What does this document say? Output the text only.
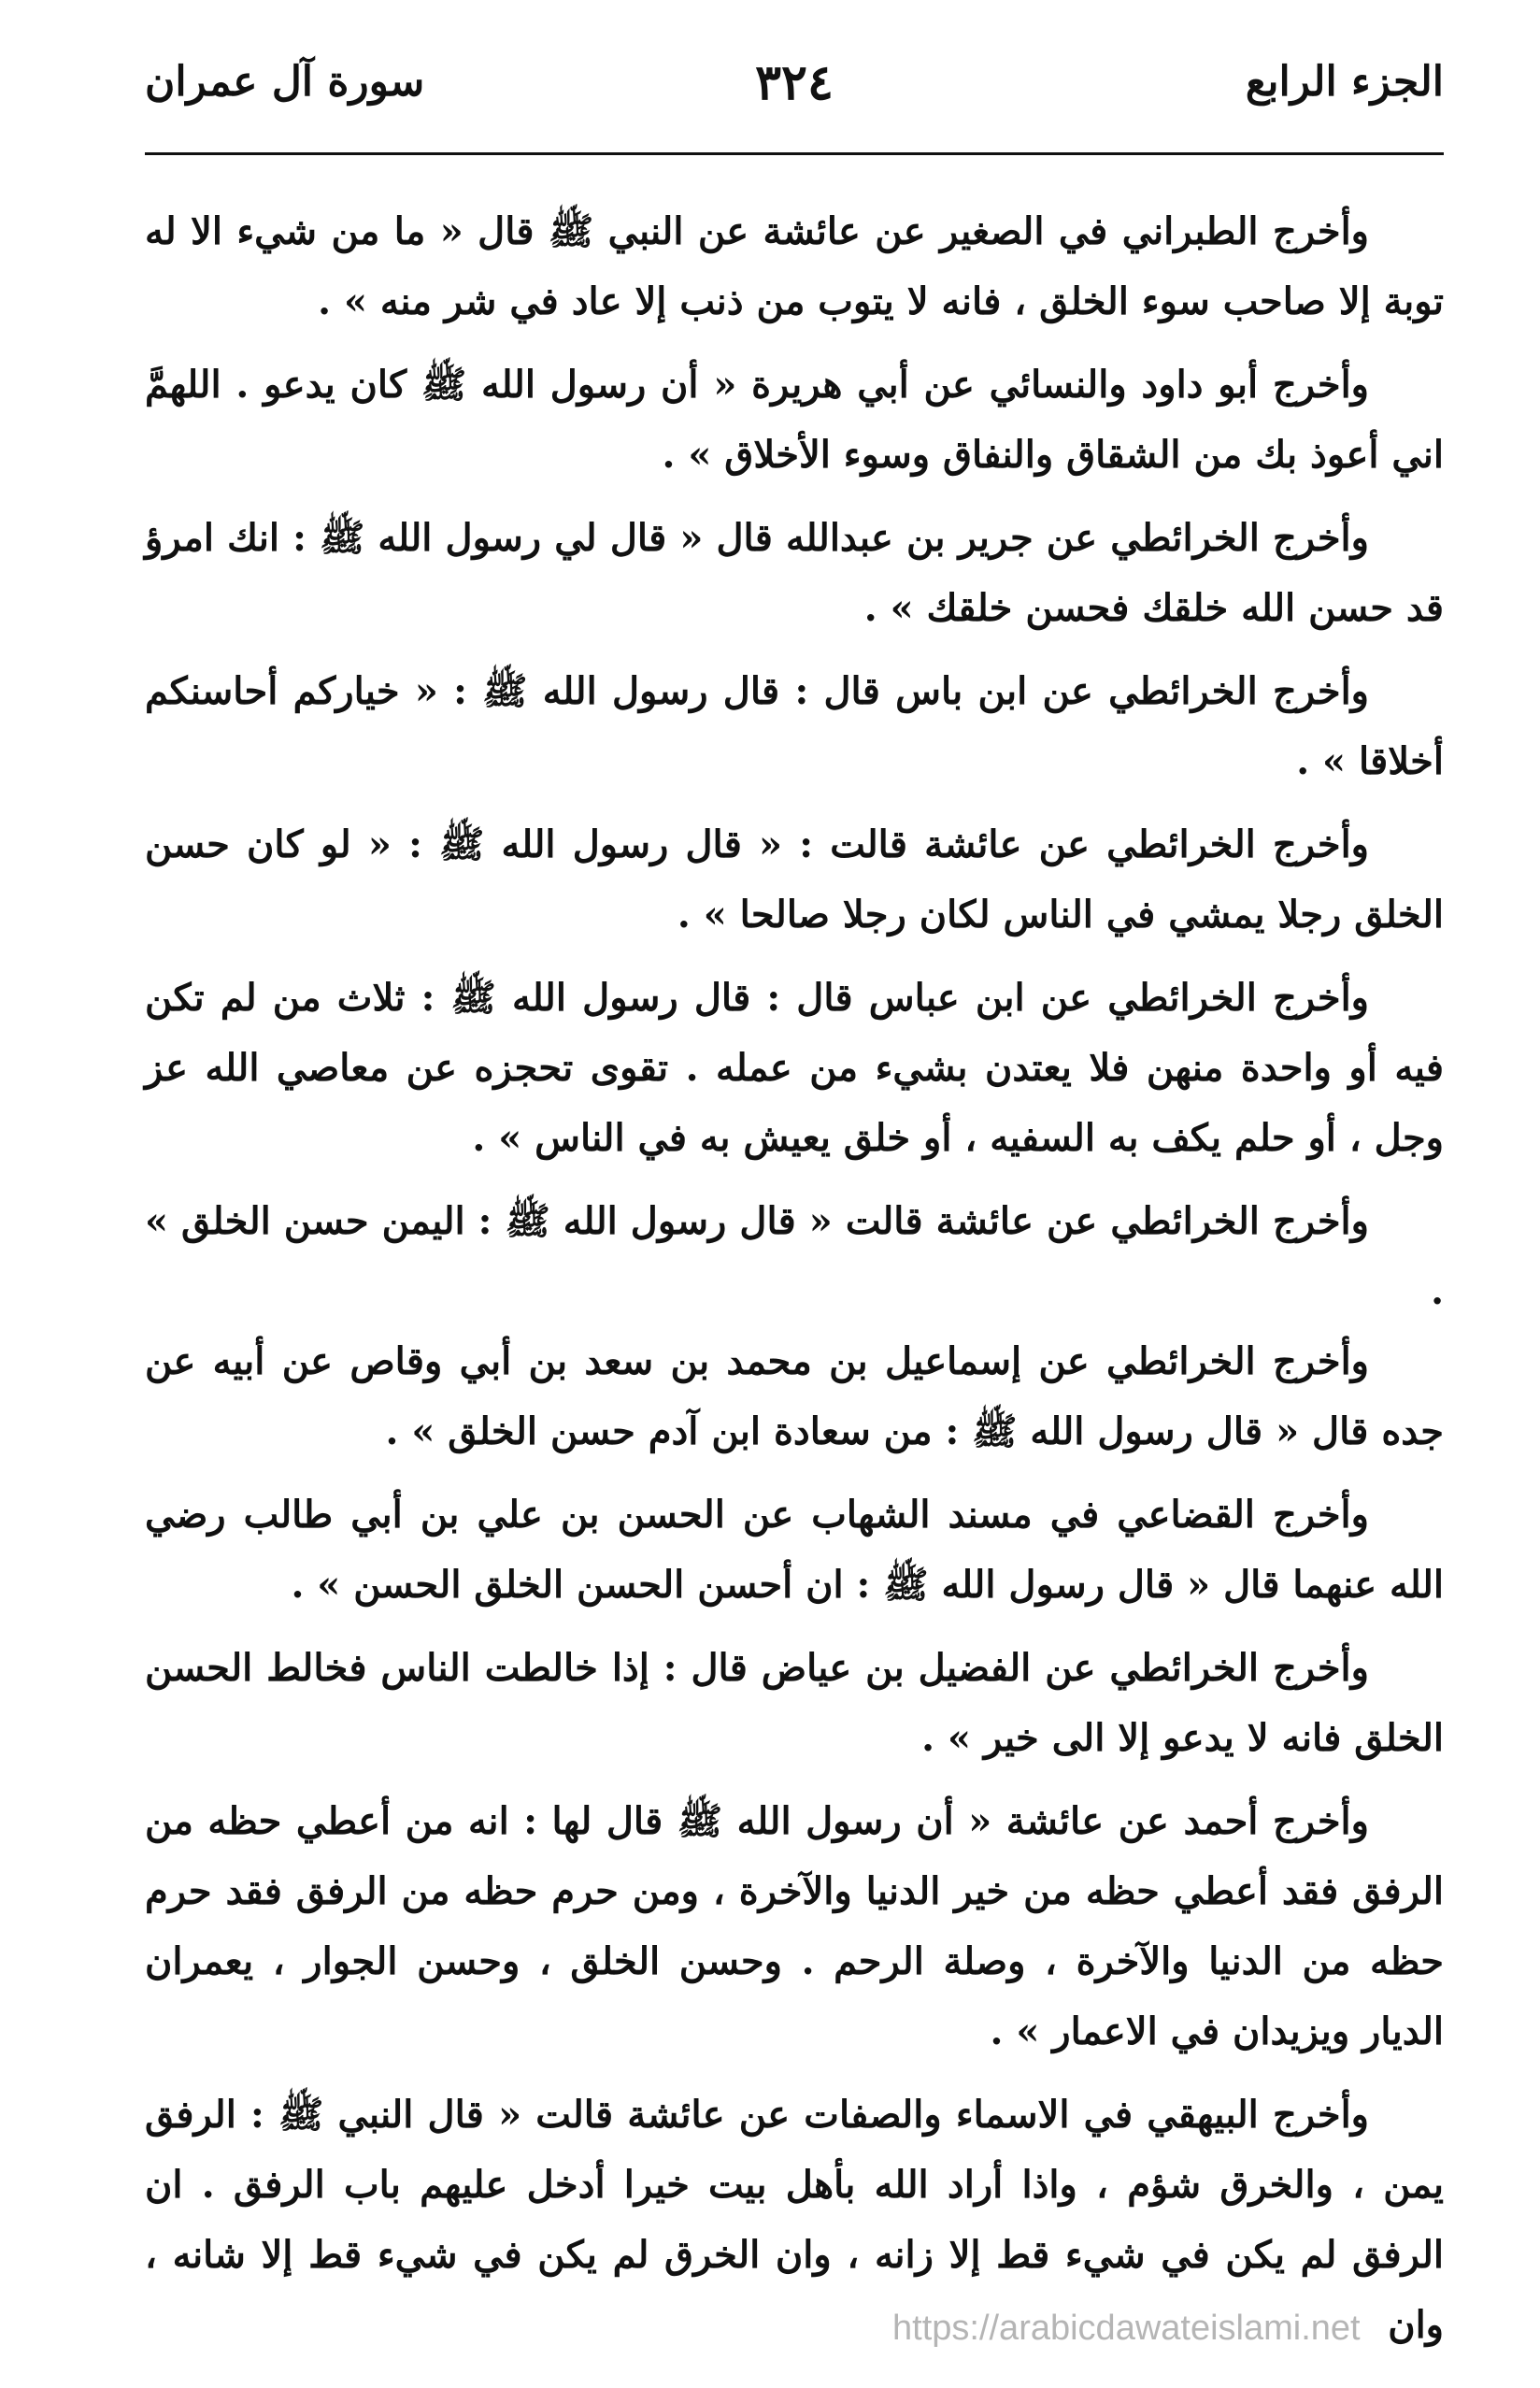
الجزء الرابع
٣٢٤
سورة آل عمران

وأخرج الطبراني في الصغير عن عائشة عن النبي ﷺ قال « ما من شيء الا له توبة إلا صاحب سوء الخلق ، فانه لا يتوب من ذنب إلا عاد في شر منه » .

وأخرج أبو داود والنسائي عن أبي هريرة « أن رسول الله ﷺ كان يدعو . اللهمَّ اني أعوذ بك من الشقاق والنفاق وسوء الأخلاق » .

وأخرج الخرائطي عن جرير بن عبدالله قال « قال لي رسول الله ﷺ : انك امرؤ قد حسن الله خلقك فحسن خلقك » .

وأخرج الخرائطي عن ابن باس قال : قال رسول الله ﷺ : « خياركم أحاسنكم أخلاقا » .

وأخرج الخرائطي عن عائشة قالت : « قال رسول الله ﷺ : « لو كان حسن الخلق رجلا يمشي في الناس لكان رجلا صالحا » .

وأخرج الخرائطي عن ابن عباس قال : قال رسول الله ﷺ : ثلاث من لم تكن فيه أو واحدة منهن فلا يعتدن بشيء من عمله . تقوى تحجزه عن معاصي الله عز وجل ، أو حلم يكف به السفيه ، أو خلق يعيش به في الناس » .

وأخرج الخرائطي عن عائشة قالت « قال رسول الله ﷺ : اليمن حسن الخلق » .

وأخرج الخرائطي عن إسماعيل بن محمد بن سعد بن أبي وقاص عن أبيه عن جده قال « قال رسول الله ﷺ : من سعادة ابن آدم حسن الخلق » .

وأخرج القضاعي في مسند الشهاب عن الحسن بن علي بن أبي طالب رضي الله عنهما قال « قال رسول الله ﷺ : ان أحسن الحسن الخلق الحسن » .

وأخرج الخرائطي عن الفضيل بن عياض قال : إذا خالطت الناس فخالط الحسن الخلق فانه لا يدعو إلا الى خير » .

وأخرج أحمد عن عائشة « أن رسول الله ﷺ قال لها : انه من أعطي حظه من الرفق فقد أعطي حظه من خير الدنيا والآخرة ، ومن حرم حظه من الرفق فقد حرم حظه من الدنيا والآخرة ، وصلة الرحم . وحسن الخلق ، وحسن الجوار ، يعمران الديار ويزيدان في الاعمار » .

وأخرج البيهقي في الاسماء والصفات عن عائشة قالت « قال النبي ﷺ : الرفق يمن ، والخرق شؤم ، واذا أراد الله بأهل بيت خيرا أدخل عليهم باب الرفق . ان الرفق لم يكن في شيء قط إلا زانه ، وان الخرق لم يكن في شيء قط إلا شانه ، وان

https://arabicdawateislami.net
